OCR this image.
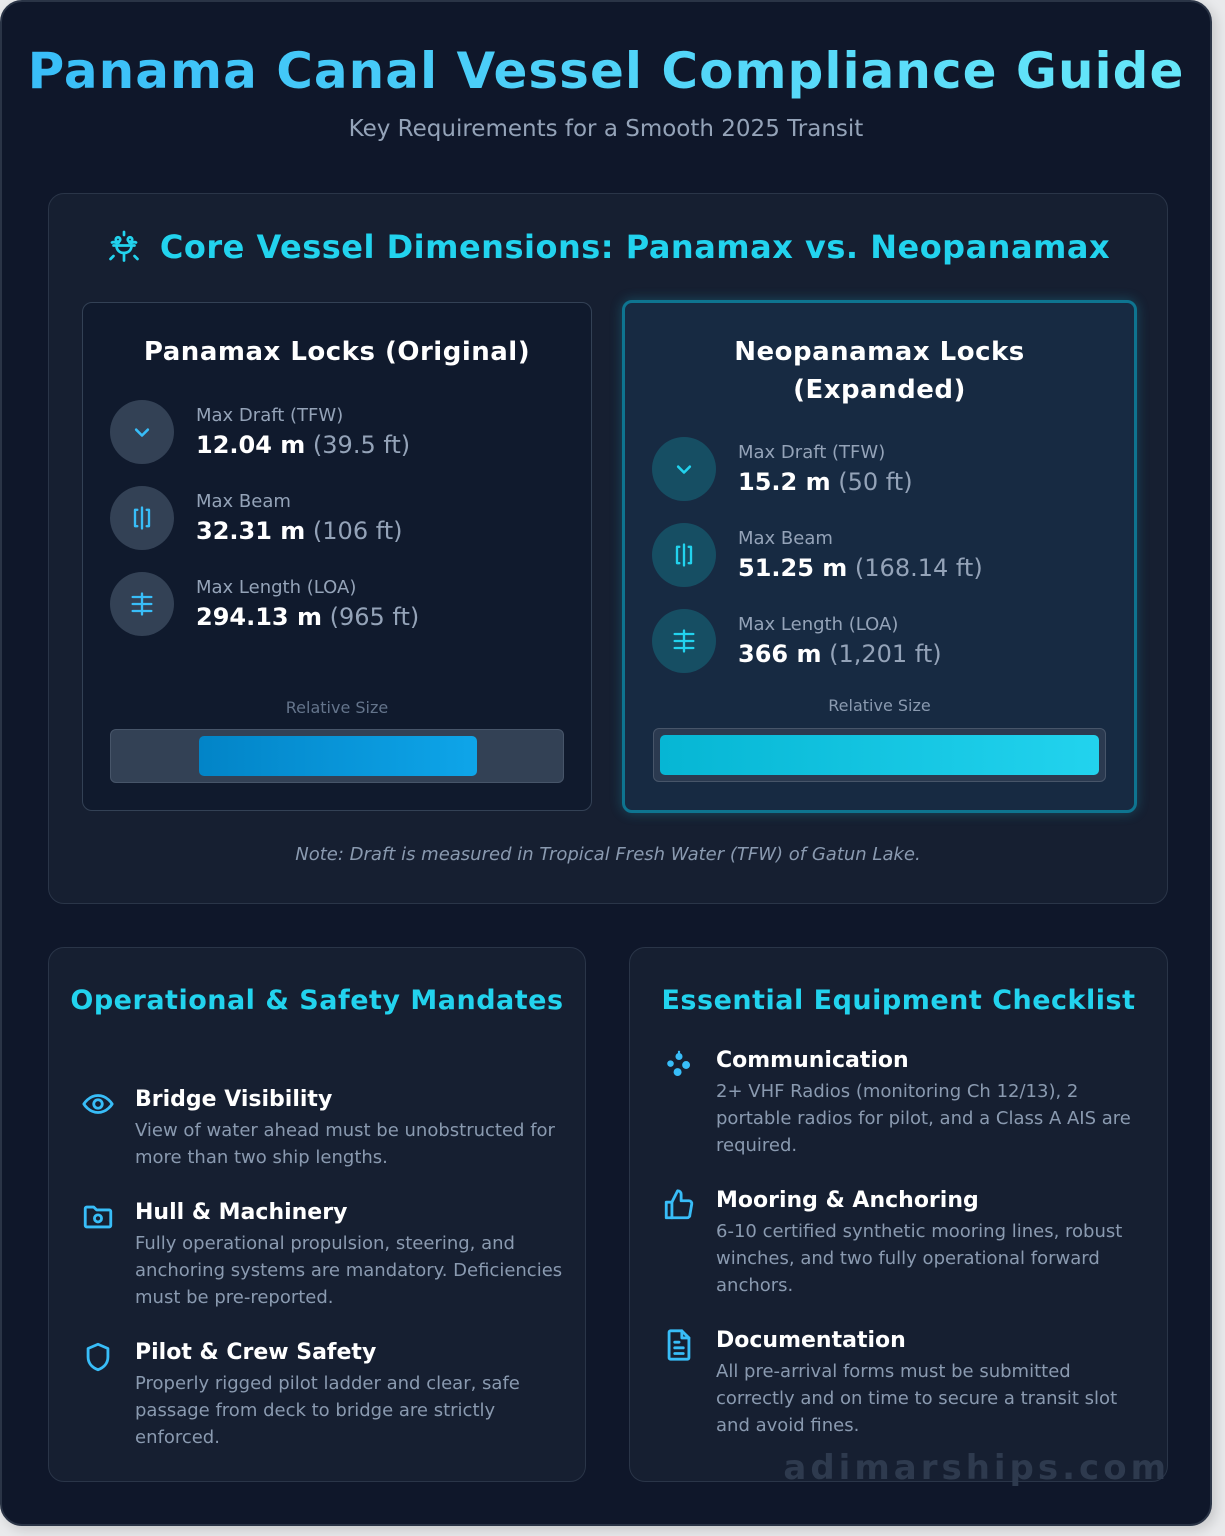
Panama Canal Vessel Compliance Guide
Key Requirements for a Smooth 2025 Transit
Core Vessel Dimensions: Panamax vs. Neopanamax
Panamax Locks (Original)
Max Draft (TFW)
12.04 m (39.5 ft)
Max Beam
32.31 m (106 ft)
Max Length (LOA)
294.13 m (965 ft)
Relative Size
Neopanamax Locks (Expanded)
Max Draft (TFW)
15.2 m (50 ft)
Max Beam
51.25 m (168.14 ft)
Max Length (LOA)
366 m (1,201 ft)
Relative Size
Note: Draft is measured in Tropical Fresh Water (TFW) of Gatun Lake.
Operational & Safety Mandates
Bridge Visibility
View of water ahead must be unobstructed for more than two ship lengths.
Hull & Machinery
Fully operational propulsion, steering, and anchoring systems are mandatory. Deficiencies must be pre-reported.
Pilot & Crew Safety
Properly rigged pilot ladder and clear, safe passage from deck to bridge are strictly enforced.
Essential Equipment Checklist
Communication
2+ VHF Radios (monitoring Ch 12/13), 2 portable radios for pilot, and a Class A AIS are required.
Mooring & Anchoring
6-10 certified synthetic mooring lines, robust winches, and two fully operational forward anchors.
Documentation
All pre-arrival forms must be submitted correctly and on time to secure a transit slot and avoid fines.
adimarships.com
